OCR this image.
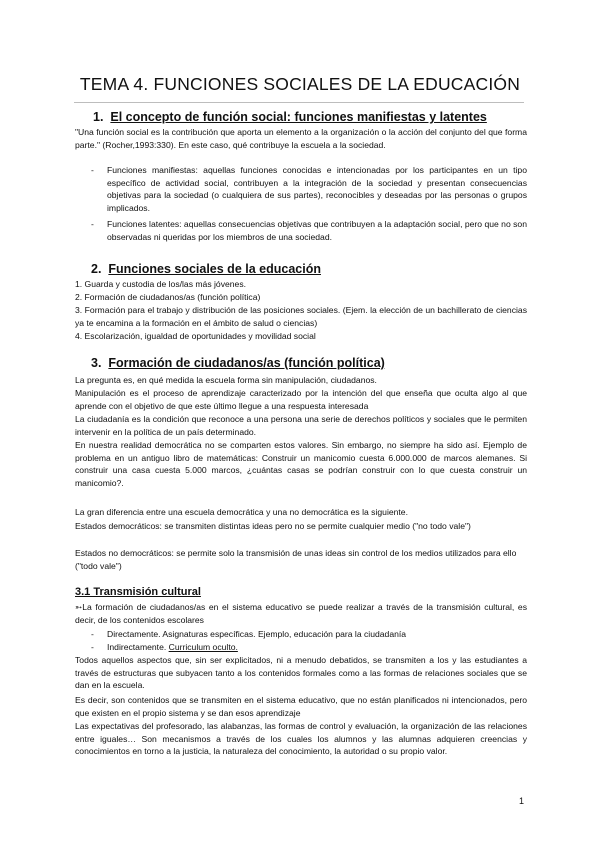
TEMA 4. FUNCIONES SOCIALES DE LA EDUCACIÓN
1. El concepto de función social: funciones manifiestas y latentes

"Una función social es la contribución que aporta un elemento a la organización o la acción del conjunto del que forma parte." (Rocher,1993:330). En este caso, qué contribuye la escuela a la sociedad.

- Funciones manifiestas: aquellas funciones conocidas e intencionadas por los participantes en un tipo específico de actividad social, contribuyen a la integración de la sociedad y presentan consecuencias objetivas para la sociedad (o cualquiera de sus partes), reconocibles y deseadas por las personas o grupos implicados.

- Funciones latentes: aquellas consecuencias objetivas que contribuyen a la adaptación social, pero que no son observadas ni queridas por los miembros de una sociedad.

2. Funciones sociales de la educación

1. Guarda y custodia de los/las más jóvenes.

2. Formación de ciudadanos/as (función política)

3. Formación para el trabajo y distribución de las posiciones sociales. (Ejem. la elección de un bachillerato de ciencias ya te encamina a la formación en el ámbito de salud o ciencias)

4. Escolarización, igualdad de oportunidades y movilidad social

3. Formación de ciudadanos/as (función política)

La pregunta es, en qué medida la escuela forma sin manipulación, ciudadanos.

Manipulación es el proceso de aprendizaje caracterizado por la intención del que enseña que oculta algo al que aprende con el objetivo de que este último llegue a una respuesta interesada

La ciudadanía es la condición que reconoce a una persona una serie de derechos políticos y sociales que le permiten intervenir en la política de un país determinado.

En nuestra realidad democrática no se comparten estos valores. Sin embargo, no siempre ha sido así. Ejemplo de problema en un antiguo libro de matemáticas: Construir un manicomio cuesta 6.000.000 de marcos alemanes. Si construir una casa cuesta 5.000 marcos, ¿cuántas casas se podrían construir con lo que cuesta construir un manicomio?.

La gran diferencia entre una escuela democrática y una no democrática es la siguiente.

Estados democráticos: se transmiten distintas ideas pero no se permite cualquier medio ("no todo vale")

Estados no democráticos: se permite solo la transmisión de unas ideas sin control de los medios utilizados para ello ("todo vale")

3.1 Transmisión cultural

➵La formación de ciudadanos/as en el sistema educativo se puede realizar a través de la transmisión cultural, es decir, de los contenidos escolares

- Directamente. Asignaturas específicas. Ejemplo, educación para la ciudadanía

- Indirectamente. Curriculum oculto.

Todos aquellos aspectos que, sin ser explicitados, ni a menudo debatidos, se transmiten a los y las estudiantes a través de estructuras que subyacen tanto a los contenidos formales como a las formas de relaciones sociales que se dan en la escuela.

Es decir, son contenidos que se transmiten en el sistema educativo, que no están planificados ni intencionados, pero que existen en el propio sistema y se dan esos aprendizaje

Las expectativas del profesorado, las alabanzas, las formas de control y evaluación, la organización de las relaciones entre iguales… Son mecanismos a través de los cuales los alumnos y las alumnas adquieren creencias y conocimientos en torno a la justicia, la naturaleza del conocimiento, la autoridad o su propio valor.

1
